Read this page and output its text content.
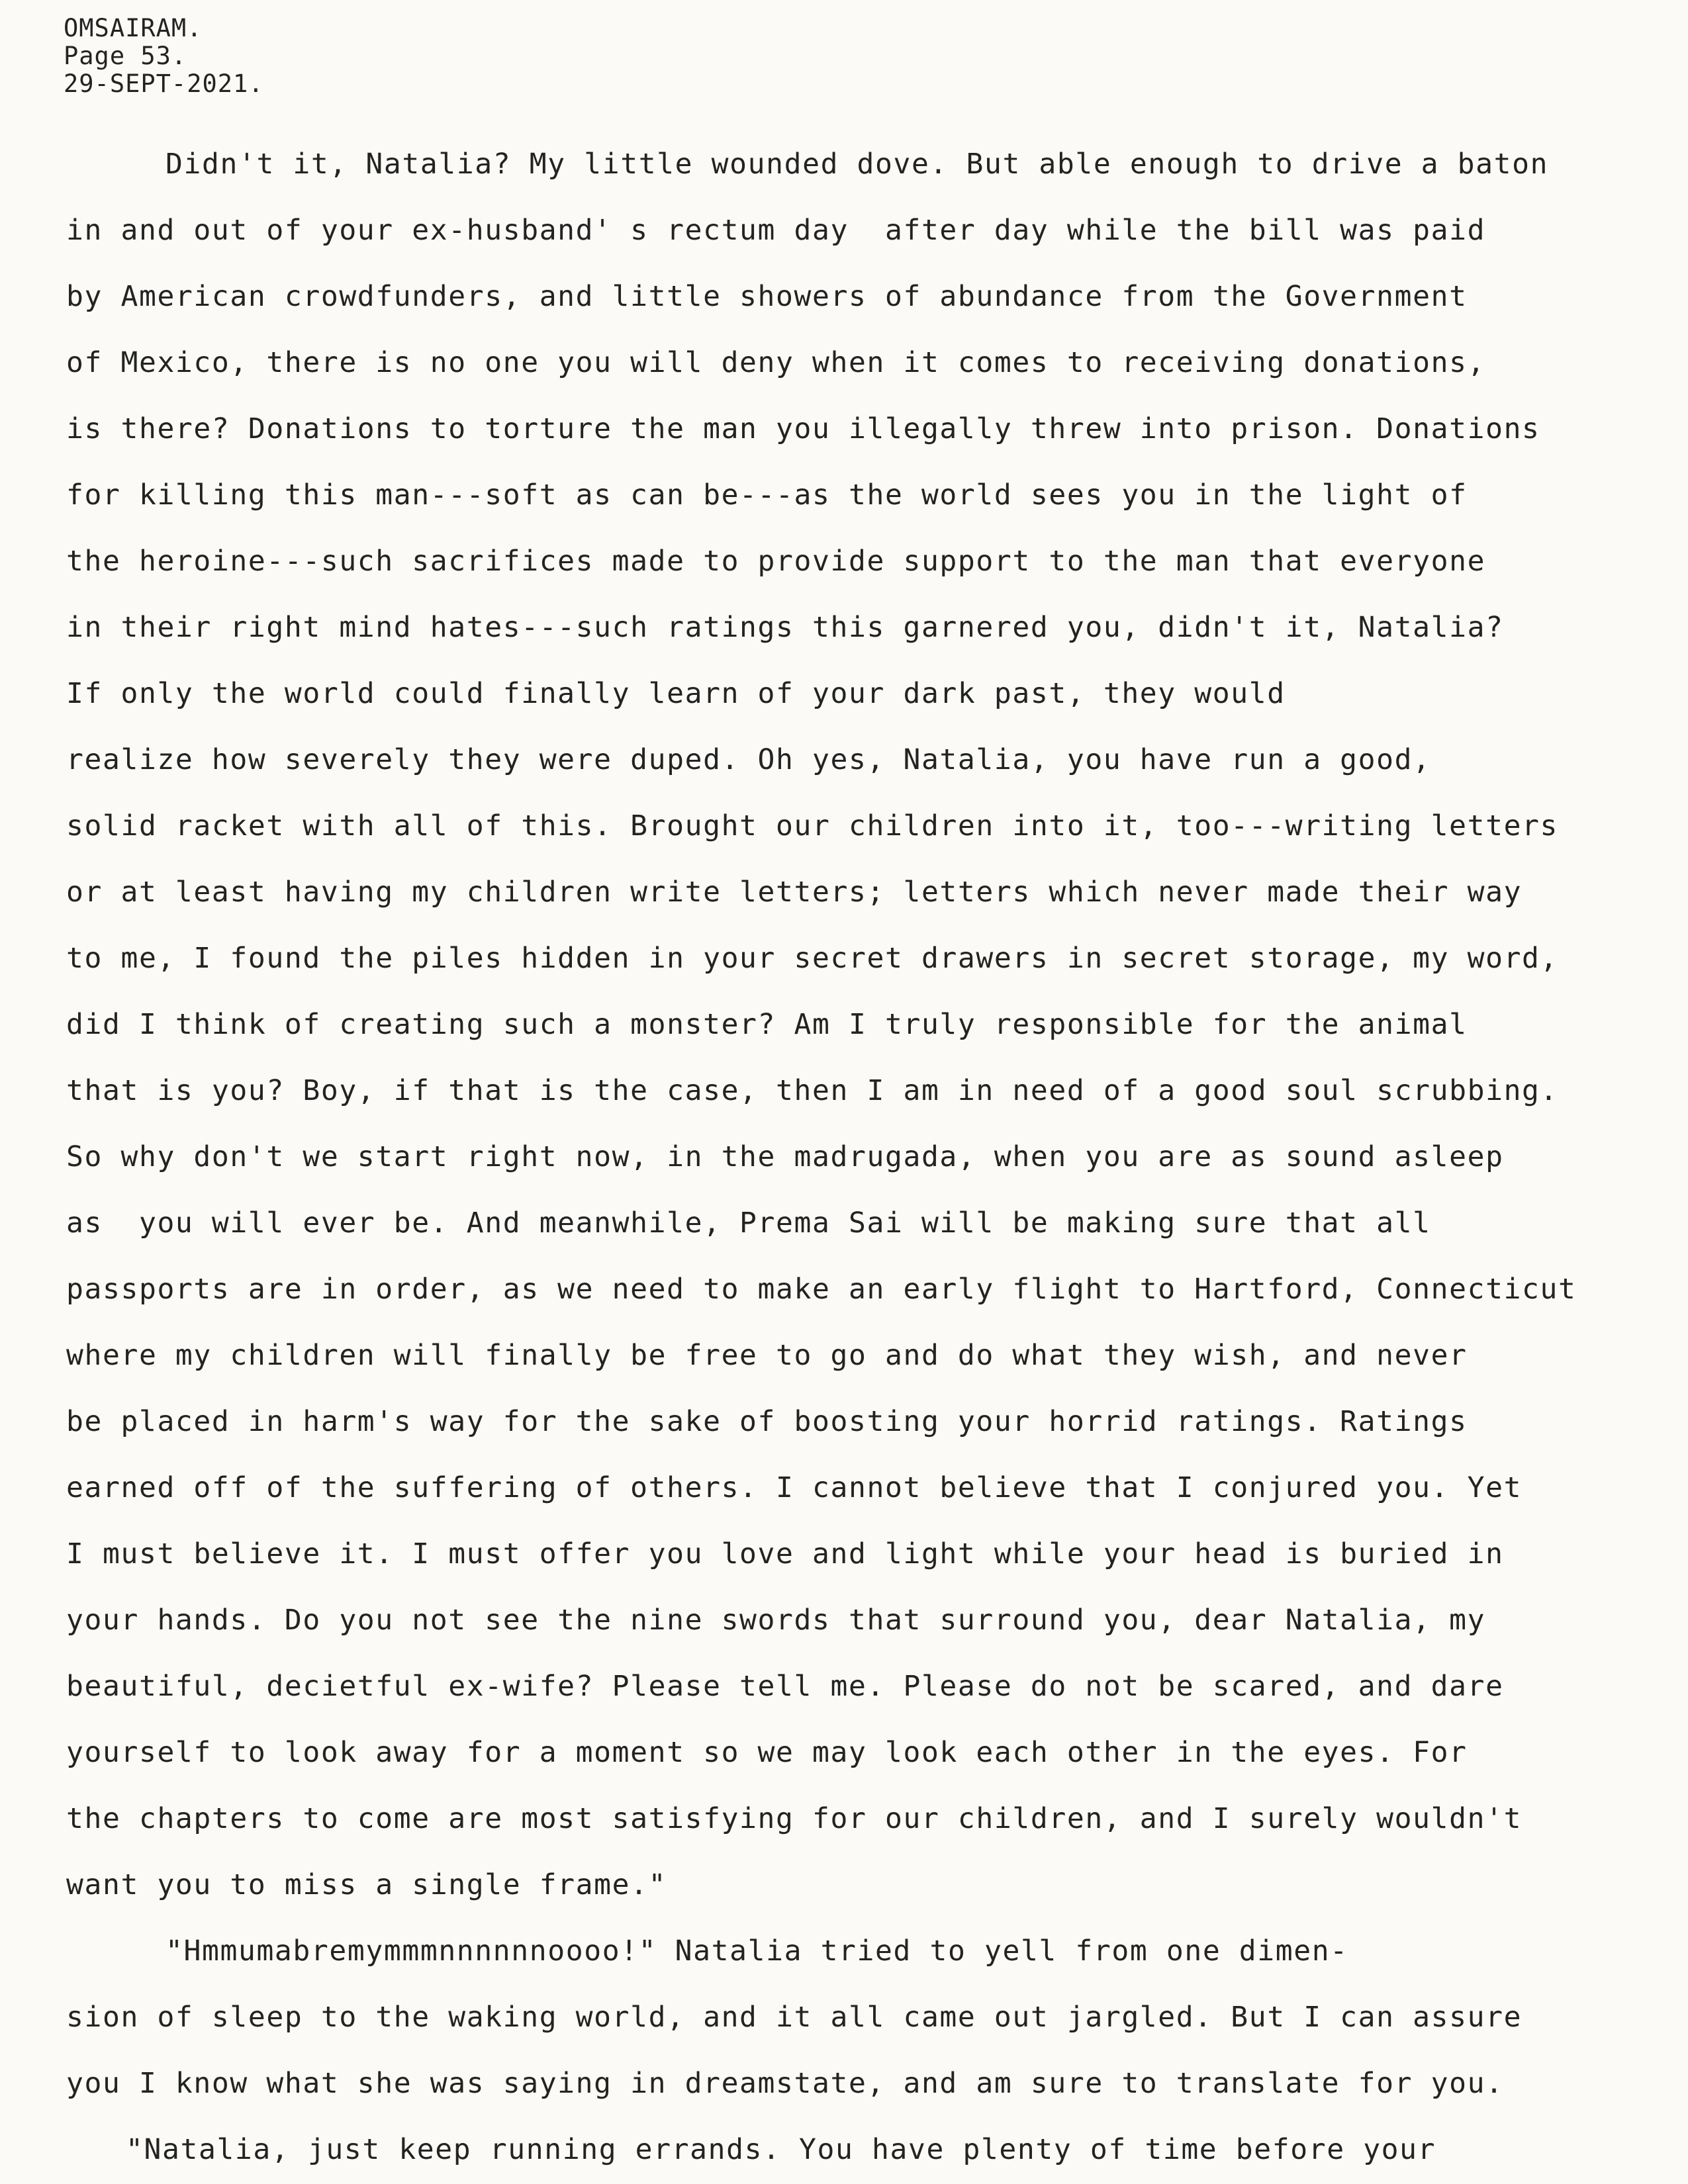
OMSAIRAM.
Page 53.
29-SEPT-2021.
Didn't it, Natalia? My little wounded dove. But able enough to drive a baton
in and out of your ex-husband' s rectum day  after day while the bill was paid
by American crowdfunders, and little showers of abundance from the Government
of Mexico, there is no one you will deny when it comes to receiving donations,
is there? Donations to torture the man you illegally threw into prison. Donations
for killing this man---soft as can be---as the world sees you in the light of
the heroine---such sacrifices made to provide support to the man that everyone
in their right mind hates---such ratings this garnered you, didn't it, Natalia?
If only the world could finally learn of your dark past, they would
realize how severely they were duped. Oh yes, Natalia, you have run a good,
solid racket with all of this. Brought our children into it, too---writing letters
or at least having my children write letters; letters which never made their way
to me, I found the piles hidden in your secret drawers in secret storage, my word,
did I think of creating such a monster? Am I truly responsible for the animal
that is you? Boy, if that is the case, then I am in need of a good soul scrubbing.
So why don't we start right now, in the madrugada, when you are as sound asleep
as  you will ever be. And meanwhile, Prema Sai will be making sure that all
passports are in order, as we need to make an early flight to Hartford, Connecticut
where my children will finally be free to go and do what they wish, and never
be placed in harm's way for the sake of boosting your horrid ratings. Ratings
earned off of the suffering of others. I cannot believe that I conjured you. Yet
I must believe it. I must offer you love and light while your head is buried in
your hands. Do you not see the nine swords that surround you, dear Natalia, my
beautiful, decietful ex-wife? Please tell me. Please do not be scared, and dare
yourself to look away for a moment so we may look each other in the eyes. For
the chapters to come are most satisfying for our children, and I surely wouldn't
want you to miss a single frame."
"Hmmumabremymmmnnnnnnoooo!" Natalia tried to yell from one dimen-
sion of sleep to the waking world, and it all came out jargled. But I can assure
you I know what she was saying in dreamstate, and am sure to translate for you.
"Natalia, just keep running errands. You have plenty of time before your
